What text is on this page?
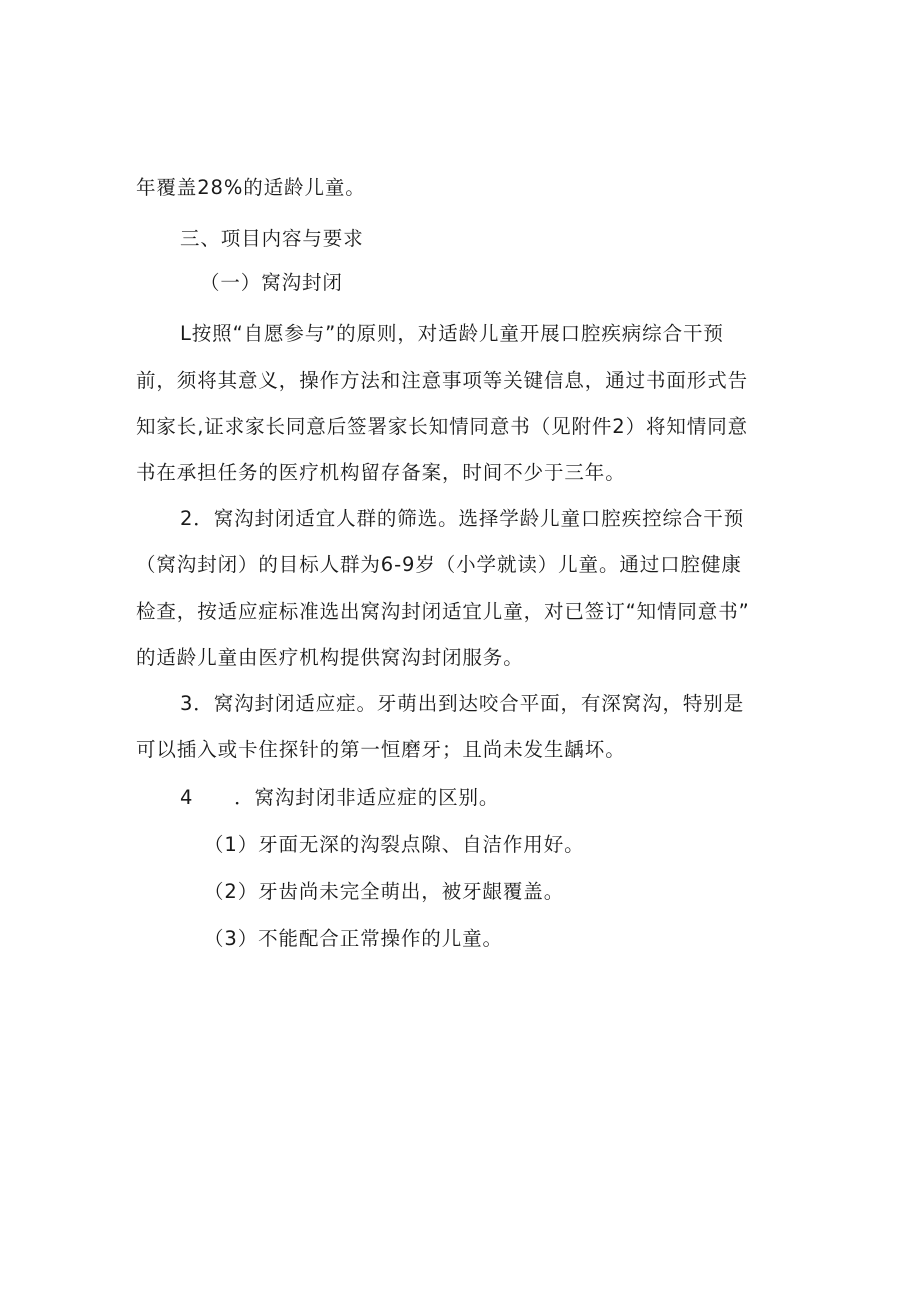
年覆盖28%的适龄儿童。
三、项目内容与要求
（一）窝沟封闭
L按照“自愿参与”的原则，对适龄儿童开展口腔疾病综合干预
前，须将其意义，操作方法和注意事项等关键信息，通过书面形式告
知家长,证求家长同意后签署家长知情同意书（见附件2）将知情同意
书在承担任务的医疗机构留存备案，时间不少于三年。
2．窝沟封闭适宜人群的筛选。选择学龄儿童口腔疾控综合干预
（窝沟封闭）的目标人群为6-9岁（小学就读）儿童。通过口腔健康
检查，按适应症标准选出窝沟封闭适宜儿童，对已签订“知情同意书”
的适龄儿童由医疗机构提供窝沟封闭服务。
3．窝沟封闭适应症。牙萌出到达咬合平面，有深窝沟，特别是
可以插入或卡住探针的第一恒磨牙；且尚未发生龋坏。
4　　．窝沟封闭非适应症的区别。
（1）牙面无深的沟裂点隙、自洁作用好。
（2）牙齿尚未完全萌出，被牙龈覆盖。
（3）不能配合正常操作的儿童。
